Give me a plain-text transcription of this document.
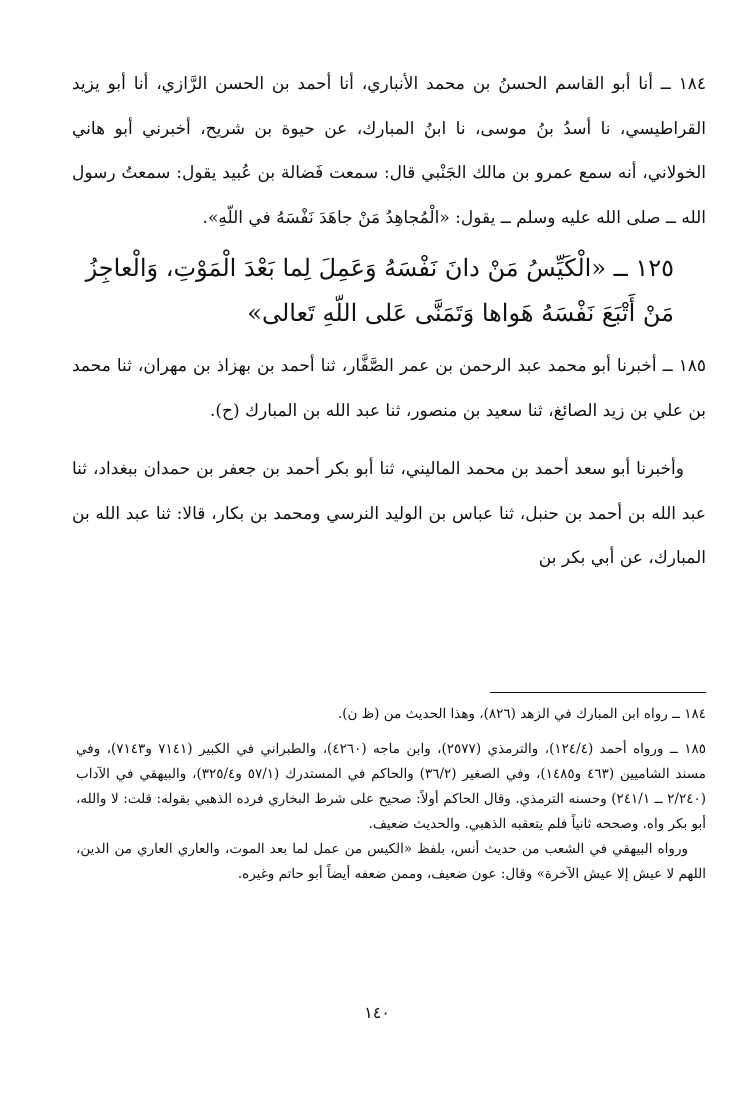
١٨٤ ــ أنا أبو القاسم الحسنُ بن محمد الأنباري، أنا أحمد بن الحسن الرَّازي، أنا أبو يزيد القراطيسي، نا أسدُ بنُ موسى، نا ابنُ المبارك، عن حيوة بن شريح، أخبرني أبو هاني الخولاني، أنه سمع عمرو بن مالك الجَنْبي قال: سمعت فَضالة بن عُبيد يقول: سمعتُ رسول الله ــ صلى الله عليه وسلم ــ يقول: «الْمُجاهِدُ مَنْ جاهَدَ نَفْسَهُ في اللّهِ».

١٢٥ ــ «الْكَيِّسُ مَنْ دانَ نَفْسَهُ وَعَمِلَ لِما بَعْدَ الْمَوْتِ، وَالْعاجِزُ مَنْ أَتْبَعَ نَفْسَهُ هَواها وَتَمَنَّى عَلى اللّهِ تَعالى»

١٨٥ ــ أخبرنا أبو محمد عبد الرحمن بن عمر الصَّفَّار، ثنا أحمد بن بهزاذ بن مهران، ثنا محمد بن علي بن زيد الصائغ، ثنا سعيد بن منصور، ثنا عبد الله بن المبارك (ح).

وأخبرنا أبو سعد أحمد بن محمد الماليني، ثنا أبو بكر أحمد بن جعفر بن حمدان ببغداد، ثنا عبد الله بن أحمد بن حنبل، ثنا عباس بن الوليد النرسي ومحمد بن بكار، قالا: ثنا عبد الله بن المبارك، عن أبي بكر بن

١٨٤ ــ رواه ابن المبارك في الزهد (٨٢٦)، وهذا الحديث من (ظ ن).

١٨٥ ــ ورواه أحمد (١٢٤/٤)، والترمذي (٢٥٧٧)، وابن ماجه (٤٢٦٠)، والطبراني في الكبير (٧١٤١ و٧١٤٣)، وفي مسند الشاميين (٤٦٣ و١٤٨٥)، وفي الصغير (٣٦/٢) والحاكم في المستدرك (٥٧/١ و٣٢٥/٤)، والبيهقي في الآداب (٢/٢٤٠ ــ ٢٤١/١) وحسنه الترمذي. وقال الحاكم أولاً: صحيح على شرط البخاري فرده الذهبي بقوله: قلت: لا والله، أبو بكر واه. وصححه ثانياً فلم يتعقبه الذهبي. والحديث ضعيف.

ورواه البيهقي في الشعب من حديث أنس، بلفظ «الكيس من عمل لما بعد الموت، والعاري العاري من الدين، اللهم لا عيش إلا عيش الآخرة» وقال: عون ضعيف، وممن ضعفه أيضاً أبو حاتم وغيره.

١٤٠
